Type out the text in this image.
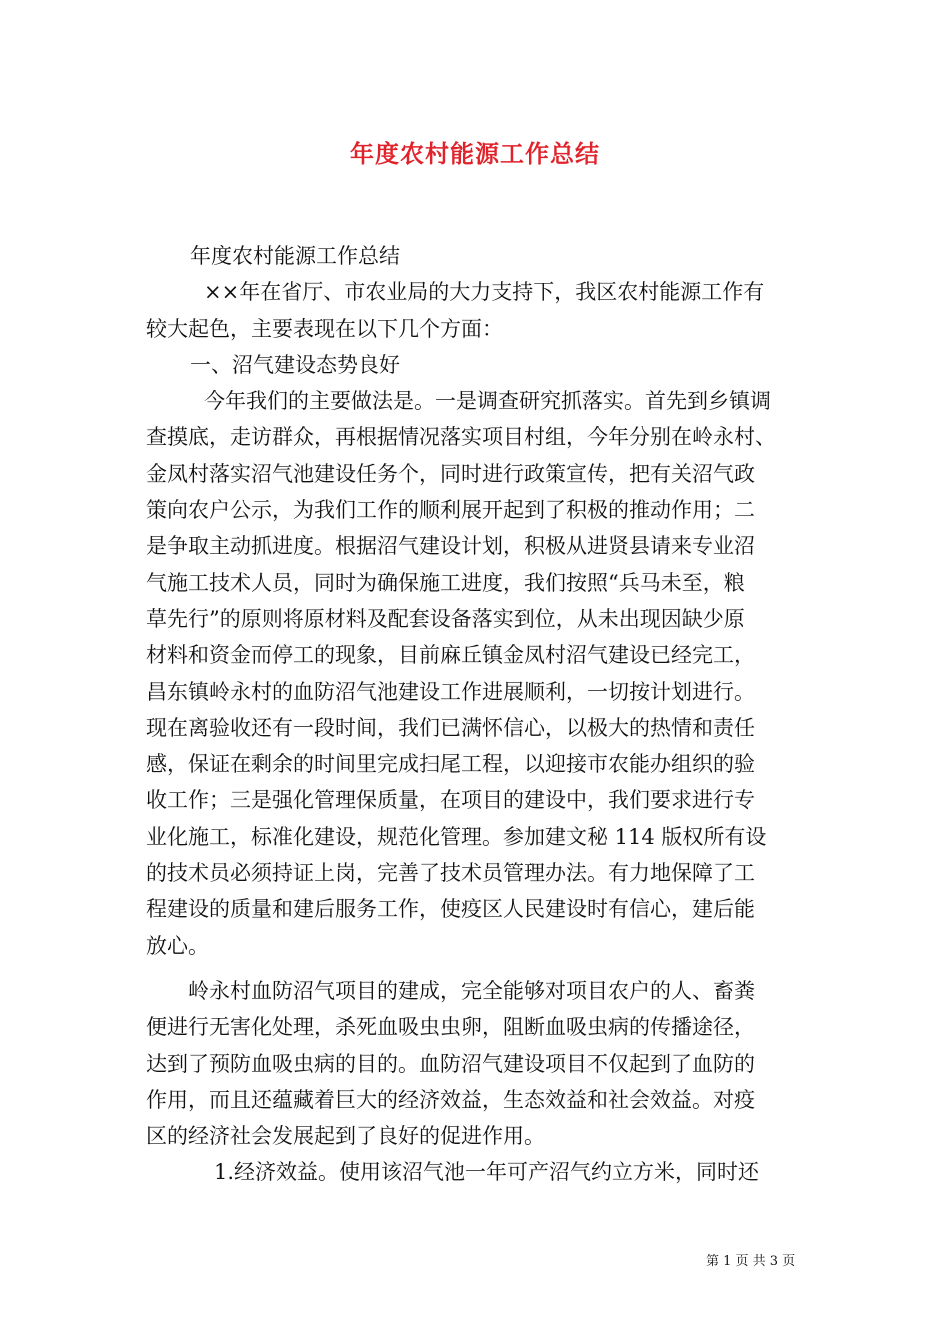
年度农村能源工作总结
年度农村能源工作总结
××年在省厅、市农业局的大力支持下，我区农村能源工作有
较大起色，主要表现在以下几个方面：
一、沼气建设态势良好
今年我们的主要做法是。一是调查研究抓落实。首先到乡镇调
查摸底，走访群众，再根据情况落实项目村组，今年分别在岭永村、
金凤村落实沼气池建设任务个，同时进行政策宣传，把有关沼气政
策向农户公示，为我们工作的顺利展开起到了积极的推动作用；二
是争取主动抓进度。根据沼气建设计划，积极从进贤县请来专业沼
气施工技术人员，同时为确保施工进度，我们按照“兵马未至，粮
草先行”的原则将原材料及配套设备落实到位，从未出现因缺少原
材料和资金而停工的现象，目前麻丘镇金凤村沼气建设已经完工，
昌东镇岭永村的血防沼气池建设工作进展顺利，一切按计划进行。
现在离验收还有一段时间，我们已满怀信心，以极大的热情和责任
感，保证在剩余的时间里完成扫尾工程，以迎接市农能办组织的验
收工作；三是强化管理保质量，在项目的建设中，我们要求进行专
业化施工，标准化建设，规范化管理。参加建文秘 114 版权所有设
的技术员必须持证上岗，完善了技术员管理办法。有力地保障了工
程建设的质量和建后服务工作，使疫区人民建设时有信心，建后能
放心。
岭永村血防沼气项目的建成，完全能够对项目农户的人、畜粪
便进行无害化处理，杀死血吸虫虫卵，阻断血吸虫病的传播途径，
达到了预防血吸虫病的目的。血防沼气建设项目不仅起到了血防的
作用，而且还蕴藏着巨大的经济效益，生态效益和社会效益。对疫
区的经济社会发展起到了良好的促进作用。
1.经济效益。使用该沼气池一年可产沼气约立方米，同时还
第 1 页 共 3 页
